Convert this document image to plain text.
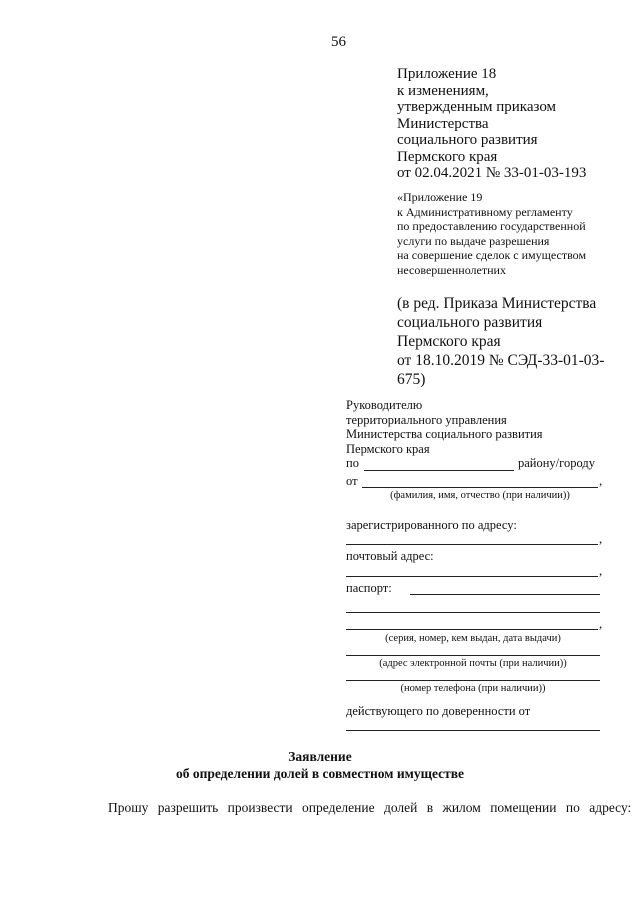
56
Приложение 18
к изменениям,
утвержденным приказом
Министерства
социального развития
Пермского края
от 02.04.2021 № 33-01-03-193
«Приложение 19
к Административному регламенту
по предоставлению государственной
услуги по выдаче разрешения
на совершение сделок с имуществом
несовершеннолетних
(в ред. Приказа Министерства
социального развития
Пермского края
от 18.10.2019 № СЭД-33-01-03-
675)
Руководителю
территориального управления
Министерства социального развития
Пермского края
по	району/городу
от	,
(фамилия, имя, отчество (при наличии))
зарегистрированного по адресу:
,
почтовый адрес:
,
паспорт:
,
(серия, номер, кем выдан, дата выдачи)
(адрес электронной почты (при наличии))
(номер телефона (при наличии))
действующего по доверенности от
Заявление
об определении долей в совместном имуществе
Прошу разрешить произвести определение долей в жилом помещении по адресу:
